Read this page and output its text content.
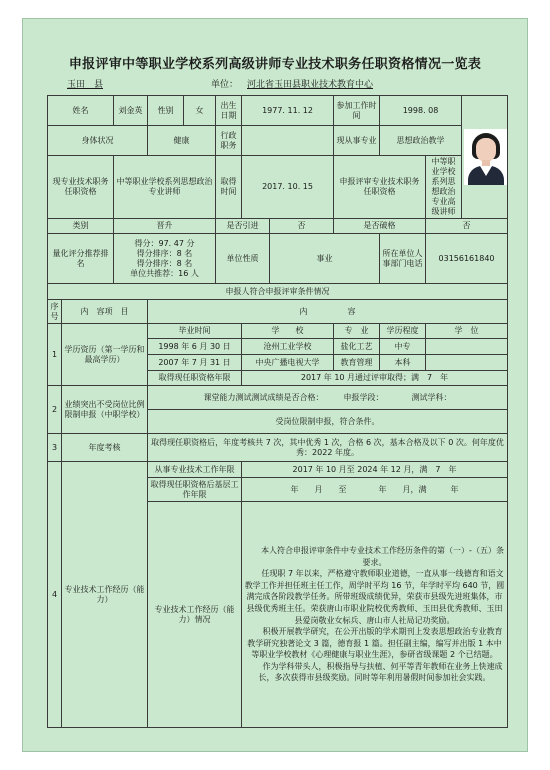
申报评审中等职业学校系列高级讲师专业技术职务任职资格情况一览表
玉田　县	单位： 河北省玉田县职业技术教育中心
姓名		刘金英	性别	女	出生日期	1977. 11. 12		参加工作时间	1998. 08		

身体状况			健康		行政职务			现从事专业	思想政治教学		
现专业技术职务任职资格		中等职业学校系列思想政治 专业讲师			取得时间	2017. 10. 15		申报评审专业技术职务任职资格		中等职业学校系列思想政治 专业高级讲师	
类别		晋升			是否引进		否	是否破格		否	
量化评分推荐排名		得分：97. 47 分
得分排序：8 名
得分排序：8 名
单位共推荐：16 人			单位性质		事业		所在单位人事部门电话	03156161840	
申报人符合申报评审条件情况											
序号	内　容项　目		内　　　　　容								
1	学历资历（第一学历和最高学历）		毕业时间			学　　校		专　业	学历程度	学　位	
			1998 年 6 月 30 日			沧州工业学校		盐化工艺	中专		
			2007 年 7 月 31 日			中央广播电视大学		教育管理	本科		
			取得现任职资格年限			2017 年 10 月通过评审取得；满　7　年					
2	业绩突出不受岗位比例限制申报（中职学校）		课堂能力测试测试成绩是否合格：　　　申报学段：　　　　测试学科：								
			受岗位限制申报，符合条件。								
3	年度考核		取得现任职资格后，年度考核共 7 次，其中优秀 1 次，合格 6 次，基本合格及以下 0 次。何年度优秀：2022 年度。								
4	专业技术工作经历（能力）		从事专业技术工作年限			2017 年 10 月至 2024 年 12 月，满　7　年					
			取得现任职资格后基层工作年限			年　　月　　至　　　　年　　月，满　　　年					
			专业技术工作经历（能力）情况			本人符合申报评审条件中专业技术工作经历条件的第（一）-（五）条要求。
任现职 7 年以来，严格遵守教师职业道德，一直从事一线德育和语文教学工作并担任班主任工作，周学时平均 16 节，年学时平均 640 节，圆满完成各阶段教学任务。所带班级成绩优异，荣获市县级先进班集体，市县级优秀班主任。荣获唐山市职业院校优秀教师、玉田县优秀教师、玉田县爱岗敬业女标兵、唐山市人社局记功奖励。
积极开展教学研究，在公开出版的学术期刊上发表思想政治专业教育教学研究独著论文 3 篇，德育报 1 篇。担任副主编，编写并出版 1 本中等职业学校教材《心理健康与职业生涯》，参研省级课题 2 个已结题。
作为学科带头人，积极指导与扶植、何平等青年教师在业务上快速成长，多次获得市县级奖励。同时等年利用暑假时间参加社会实践。					
